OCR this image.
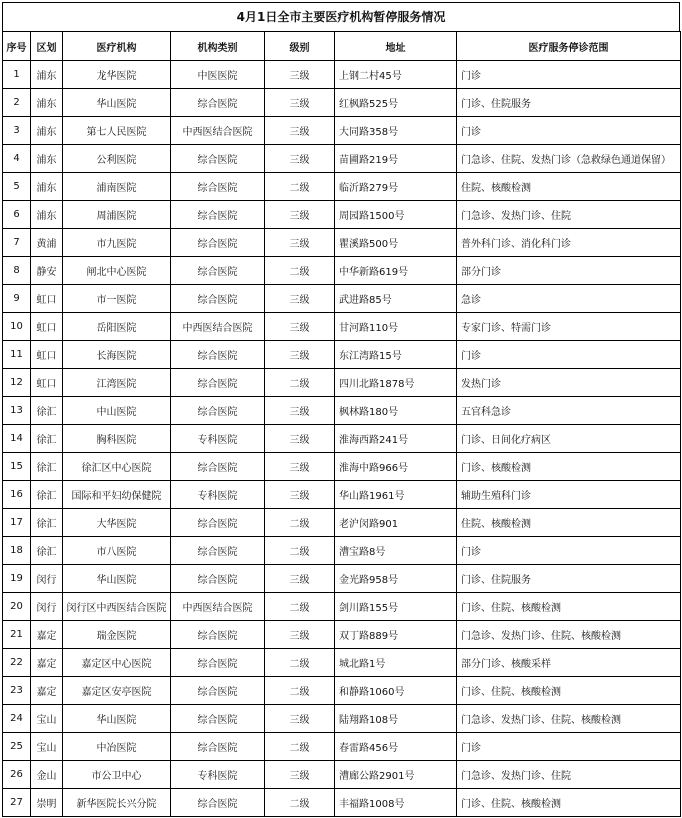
4月1日全市主要医疗机构暂停服务情况
序号	区划	医疗机构	机构类别	级别	地址	医疗服务停诊范围
1	浦东	龙华医院	中医医院	三级	上钢二村45号	门诊
2	浦东	华山医院	综合医院	三级	红枫路525号	门诊、住院服务
3	浦东	第七人民医院	中西医结合医院	三级	大同路358号	门诊
4	浦东	公利医院	综合医院	三级	苗圃路219号	门急诊、住院、发热门诊（急救绿色通道保留）
5	浦东	浦南医院	综合医院	二级	临沂路279号	住院、核酸检测
6	浦东	周浦医院	综合医院	三级	周园路1500号	门急诊、发热门诊、住院
7	黄浦	市九医院	综合医院	三级	瞿溪路500号	普外科门诊、消化科门诊
8	静安	闸北中心医院	综合医院	二级	中华新路619号	部分门诊
9	虹口	市一医院	综合医院	三级	武进路85号	急诊
10	虹口	岳阳医院	中西医结合医院	三级	甘河路110号	专家门诊、特需门诊
11	虹口	长海医院	综合医院	三级	东江湾路15号	门诊
12	虹口	江湾医院	综合医院	二级	四川北路1878号	发热门诊
13	徐汇	中山医院	综合医院	三级	枫林路180号	五官科急诊
14	徐汇	胸科医院	专科医院	三级	淮海西路241号	门诊、日间化疗病区
15	徐汇	徐汇区中心医院	综合医院	三级	淮海中路966号	门诊、核酸检测
16	徐汇	国际和平妇幼保健院	专科医院	三级	华山路1961号	辅助生殖科门诊
17	徐汇	大华医院	综合医院	二级	老沪闵路901	住院、核酸检测
18	徐汇	市八医院	综合医院	二级	漕宝路8号	门诊
19	闵行	华山医院	综合医院	三级	金光路958号	门诊、住院服务
20	闵行	闵行区中西医结合医院	中西医结合医院	二级	剑川路155号	门诊、住院、核酸检测
21	嘉定	瑞金医院	综合医院	三级	双丁路889号	门急诊、发热门诊、住院、核酸检测
22	嘉定	嘉定区中心医院	综合医院	二级	城北路1号	部分门诊、核酸采样
23	嘉定	嘉定区安亭医院	综合医院	二级	和静路1060号	门诊、住院、核酸检测
24	宝山	华山医院	综合医院	三级	陆翔路108号	门急诊、发热门诊、住院、核酸检测
25	宝山	中冶医院	综合医院	二级	春雷路456号	门诊
26	金山	市公卫中心	专科医院	三级	漕廊公路2901号	门急诊、发热门诊、住院
27	崇明	新华医院长兴分院	综合医院	二级	丰福路1008号	门诊、住院、核酸检测
